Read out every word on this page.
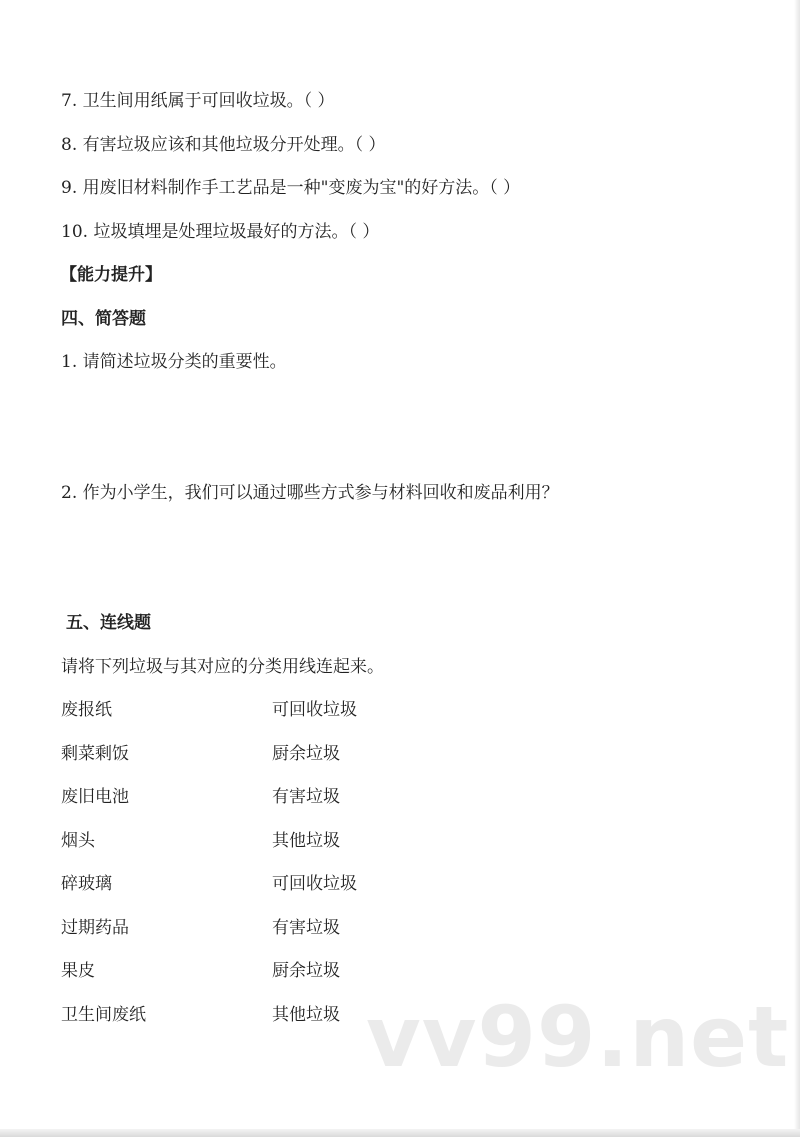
7. 卫生间用纸属于可回收垃圾。（ ）
8. 有害垃圾应该和其他垃圾分开处理。（ ）
9. 用废旧材料制作手工艺品是一种"变废为宝"的好方法。（ ）
10. 垃圾填埋是处理垃圾最好的方法。（ ）
【能力提升】
四、简答题
1. 请简述垃圾分类的重要性。
2. 作为小学生，我们可以通过哪些方式参与材料回收和废品利用？
五、连线题
请将下列垃圾与其对应的分类用线连起来。
废报纸	可回收垃圾
剩菜剩饭	厨余垃圾
废旧电池	有害垃圾
烟头	其他垃圾
碎玻璃	可回收垃圾
过期药品	有害垃圾
果皮	厨余垃圾
卫生间废纸	其他垃圾 vv99.net
